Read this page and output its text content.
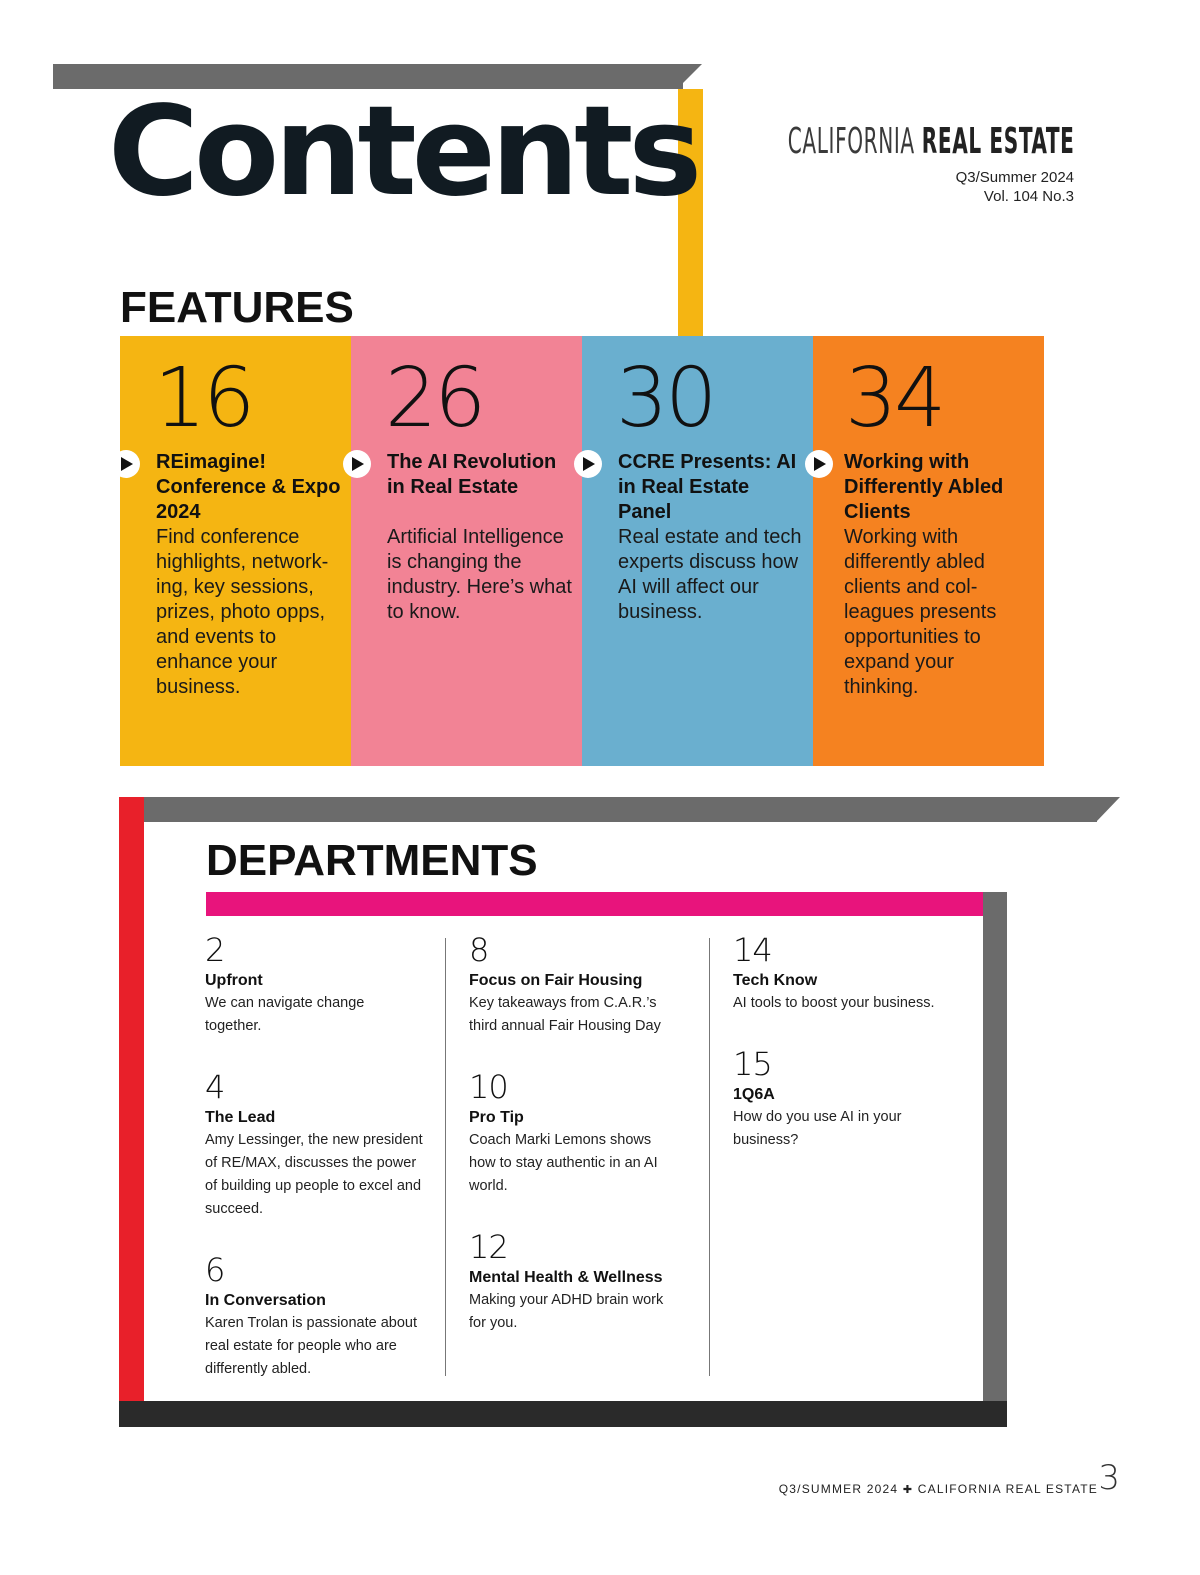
Contents	CALIFORNIA REAL ESTATE
Q3/Summer 2024
Vol. 104 No.3
FEATURES
16
REimagine! Conference & Expo 2024
Find conference highlights, network-ing, key sessions, prizes, photo opps, and events to enhance your business.
26
The AI Revolution in Real Estate
Artificial Intelligence is changing the industry. Here’s what to know.
30
CCRE Presents: AI in Real Estate Panel
Real estate and tech experts discuss how AI will affect our business.
34
Working with Differently Abled Clients
Working with differently abled clients and col-leagues presents opportunities to expand your thinking.
DEPARTMENTS
2
Upfront
We can navigate change together.
4
The Lead
Amy Lessinger, the new president of RE/MAX, discusses the power of building up people to excel and succeed.
6
In Conversation
Karen Trolan is passionate about real estate for people who are differently abled.
8
Focus on Fair Housing
Key takeaways from C.A.R.’s third annual Fair Housing Day
10
Pro Tip
Coach Marki Lemons shows how to stay authentic in an AI world.
12
Mental Health & Wellness
Making your ADHD brain work for you.
14
Tech Know
AI tools to boost your business.
15
1Q6A
How do you use AI in your business?
Q3/SUMMER 2024 ✚ CALIFORNIA REAL ESTATE 3
